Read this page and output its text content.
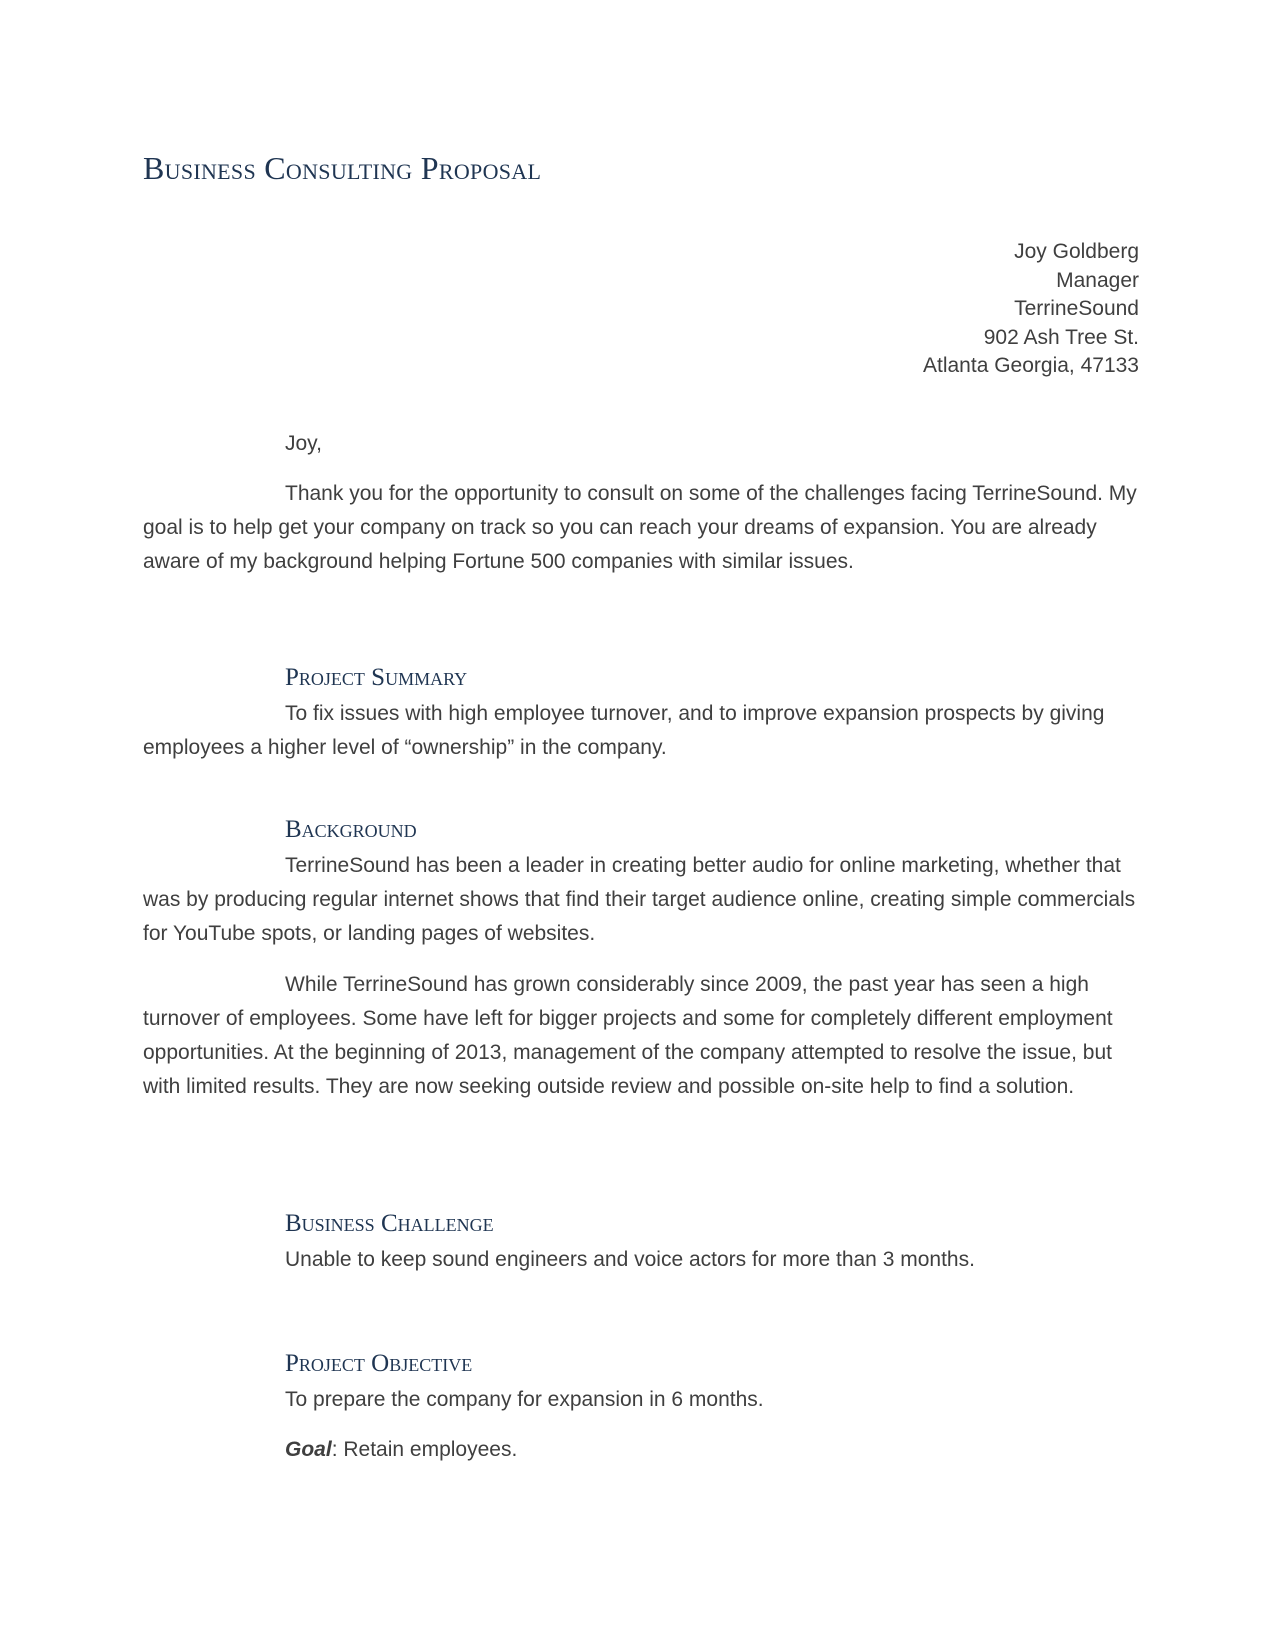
Business Consulting Proposal
Joy Goldberg
Manager
TerrineSound
902 Ash Tree St.
Atlanta Georgia, 47133
Joy,

Thank you for the opportunity to consult on some of the challenges facing TerrineSound. My goal is to help get your company on track so you can reach your dreams of expansion. You are already aware of my background helping Fortune 500 companies with similar issues.

Project Summary

To fix issues with high employee turnover, and to improve expansion prospects by giving employees a higher level of “ownership” in the company.

Background

TerrineSound has been a leader in creating better audio for online marketing, whether that was by producing regular internet shows that find their target audience online, creating simple commercials for YouTube spots, or landing pages of websites.

While TerrineSound has grown considerably since 2009, the past year has seen a high turnover of employees. Some have left for bigger projects and some for completely different employment opportunities. At the beginning of 2013, management of the company attempted to resolve the issue, but with limited results. They are now seeking outside review and possible on-site help to find a solution.

Business Challenge

Unable to keep sound engineers and voice actors for more than 3 months.

Project Objective

To prepare the company for expansion in 6 months.

Goal: Retain employees.
